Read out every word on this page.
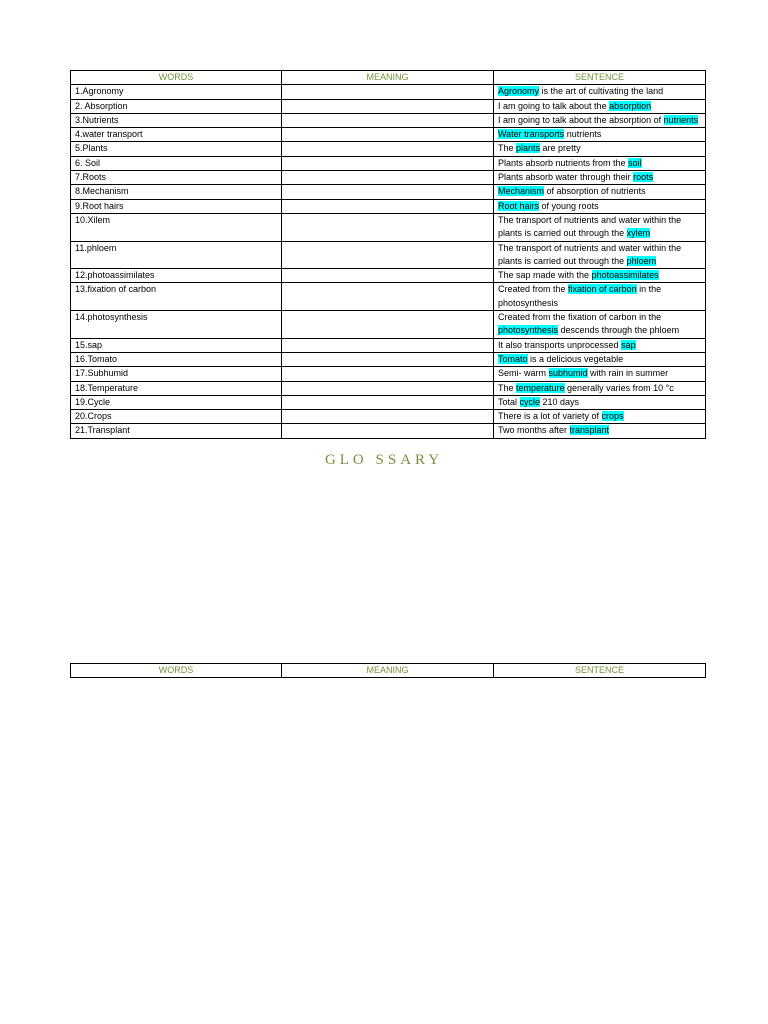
WORDS	MEANING	SENTENCE
1.Agronomy		Agronomy is the art of cultivating the land
2. Absorption		I am going to talk about the absorption
3.Nutrients		I am going to talk about the absorption of nutrients
4.water transport		Water transports nutrients
5.Plants		The plants are pretty
6. Soil		Plants absorb nutrients from the soil
7.Roots		Plants absorb water through their roots
8.Mechanism		Mechanism of absorption of nutrients
9.Root hairs		Root hairs of young roots
10.Xilem		The transport of nutrients and water within the plants is carried out through the xylem
11.phloem		The transport of nutrients and water within the plants is carried out through the phloem
12.photoassimilates		The sap made with the photoassimilates
13.fixation of carbon		Created from the fixation of carbon in the photosynthesis
14.photosynthesis		Created from the fixation of carbon in the photosynthesis descends through the phloem
15.sap		It also transports unprocessed sap
16.Tomato		Tomato is a delicious vegetable
17.Subhumid		Semi- warm subhumid with rain in summer
18.Temperature		The temperature generally varies from 10 °c
19.Cycle		Total cycle 210 days
20.Crops		There is a lot of variety of crops
21.Transplant		Two months after transplant
GLO SSARY
WORDS	MEANING	SENTENCE
